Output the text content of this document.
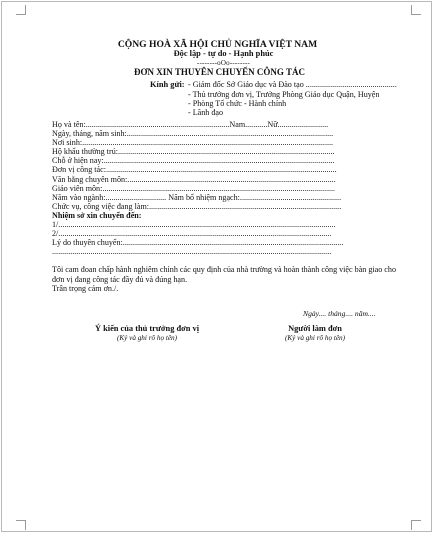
CỘNG HOÀ XÃ HỘI CHỦ NGHĨA VIỆT NAM
Độc lập - tự do - Hạnh phúc
--------oOo--------
ĐƠN XIN THUYÊN CHUYỂN CÔNG TÁC
Kính gửi: - Giám đốc Sở Giáo dục và Đào tạo .............................................
- Thủ trưởng đơn vị, Trưởng Phòng Giáo dục Quận, Huyện
- Phòng Tổ chức - Hành chính
- Lãnh đạo
Họ và tên:.......................................................................Nam...........Nữ.........................
Ngày, tháng, năm sinh:......................................................................................................
Nơi sinh:............................................................................................................................
Hộ khẩu thường trú:...........................................................................................................
Chỗ ở hiện nay:..................................................................................................................
Đơn vị công tác:..................................................................................................................
Văn bằng chuyên môn:.......................................................................................................
Giáo viên môn:...................................................................................................................
Năm vào ngành:.............................. Năm bổ nhiệm ngạch:..................................................
Chức vụ, công việc đang làm:...............................................................................................
Nhiệm sở xin chuyển đến:
1/.........................................................................................................................................
2/.......................................................................................................................................
Lý do thuyên chuyển:.............................................................................................................
..........................................................................................................................................
Tôi cam đoan chấp hành nghiêm chỉnh các quy định của nhà trường và hoàn thành công việc bàn giao cho đơn vị đang công tác đầy đủ và đúng hạn.
Trân trọng cảm ơn./.
Ngày.... tháng.... năm....
Ý kiến của thủ trưởng đơn vị
(Ký và ghi rõ họ tên)
Người làm đơn
(Ký và ghi rõ họ tên)
